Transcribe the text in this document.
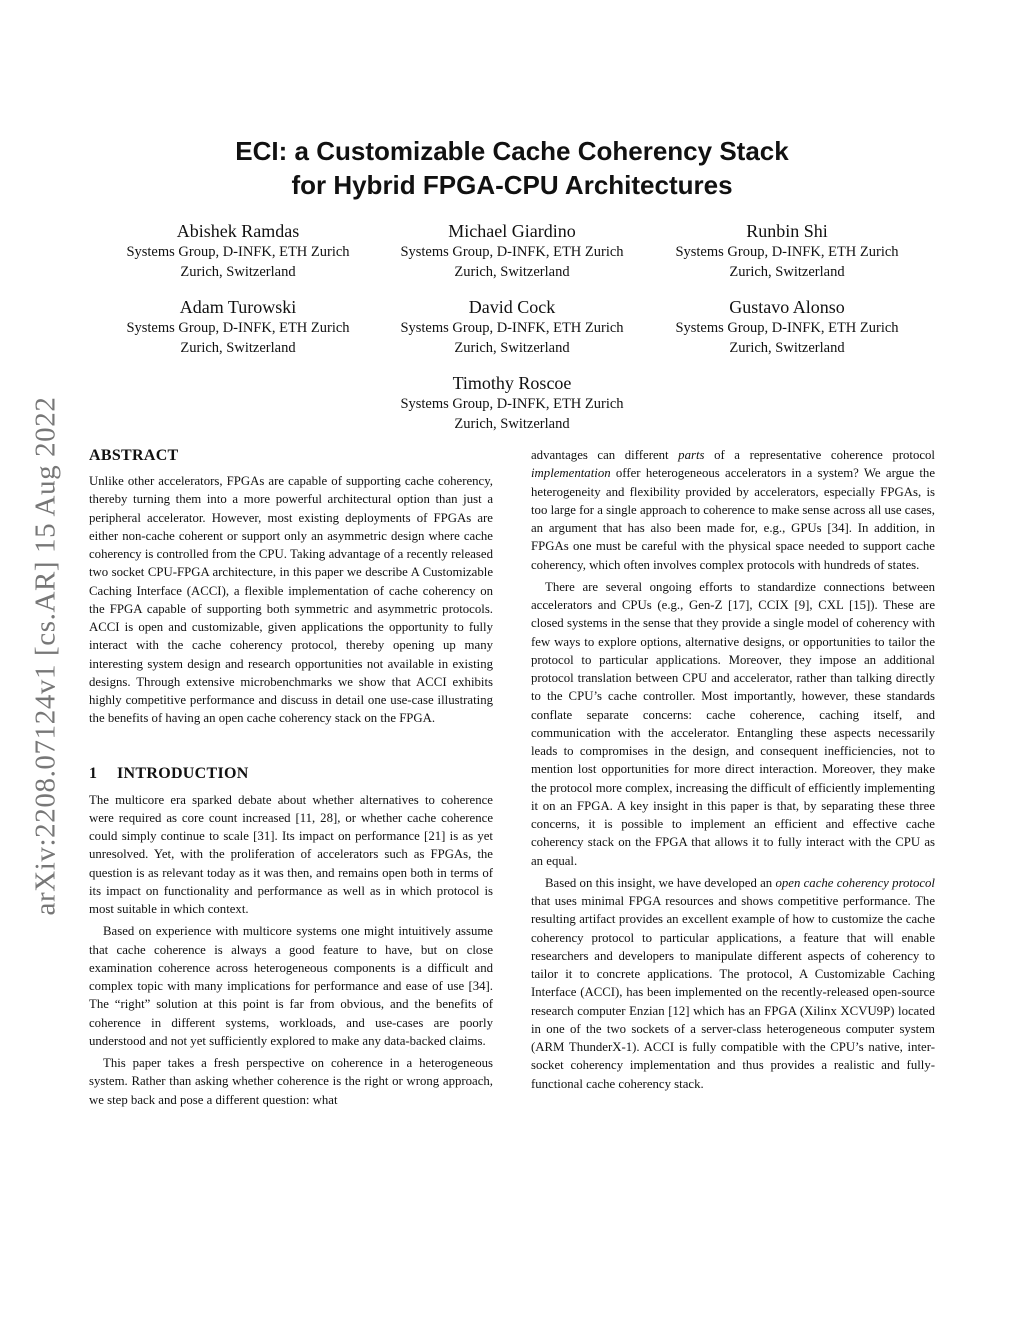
arXiv:2208.07124v1 [cs.AR] 15 Aug 2022
ECI: a Customizable Cache Coherency Stack
for Hybrid FPGA-CPU Architectures
Abishek Ramdas
Systems Group, D-INFK, ETH Zurich
Zurich, Switzerland
Michael Giardino
Systems Group, D-INFK, ETH Zurich
Zurich, Switzerland
Runbin Shi
Systems Group, D-INFK, ETH Zurich
Zurich, Switzerland
Adam Turowski
Systems Group, D-INFK, ETH Zurich
Zurich, Switzerland
David Cock
Systems Group, D-INFK, ETH Zurich
Zurich, Switzerland
Gustavo Alonso
Systems Group, D-INFK, ETH Zurich
Zurich, Switzerland
Timothy Roscoe
Systems Group, D-INFK, ETH Zurich
Zurich, Switzerland
ABSTRACT

Unlike other accelerators, FPGAs are capable of supporting cache coherency, thereby turning them into a more powerful architectural option than just a peripheral accelerator. However, most existing deployments of FPGAs are either non-cache coherent or support only an asymmetric design where cache coherency is controlled from the CPU. Taking advantage of a recently released two socket CPU-FPGA architecture, in this paper we describe A Customizable Caching Interface (ACCI), a flexible implementation of cache coherency on the FPGA capable of supporting both symmetric and asymmetric protocols. ACCI is open and customizable, given applications the opportunity to fully interact with the cache coherency protocol, thereby opening up many interesting system design and research opportunities not available in existing designs. Through extensive microbenchmarks we show that ACCI exhibits highly competitive performance and discuss in detail one use-case illustrating the benefits of having an open cache coherency stack on the FPGA.

1 INTRODUCTION

The multicore era sparked debate about whether alternatives to coherence were required as core count increased [11, 28], or whether cache coherence could simply continue to scale [31]. Its impact on performance [21] is as yet unresolved. Yet, with the proliferation of accelerators such as FPGAs, the question is as relevant today as it was then, and remains open both in terms of its impact on functionality and performance as well as in which protocol is most suitable in which context.

Based on experience with multicore systems one might intuitively assume that cache coherence is always a good feature to have, but on close examination coherence across heterogeneous components is a difficult and complex topic with many implications for performance and ease of use [34]. The “right” solution at this point is far from obvious, and the benefits of coherence in different systems, workloads, and use-cases are poorly understood and not yet sufficiently explored to make any data-backed claims.

This paper takes a fresh perspective on coherence in a heterogeneous system. Rather than asking whether coherence is the right or wrong approach, we step back and pose a different question: what

advantages can different parts of a representative coherence protocol implementation offer heterogeneous accelerators in a system? We argue the heterogeneity and flexibility provided by accelerators, especially FPGAs, is too large for a single approach to coherence to make sense across all use cases, an argument that has also been made for, e.g., GPUs [34]. In addition, in FPGAs one must be careful with the physical space needed to support cache coherency, which often involves complex protocols with hundreds of states.

There are several ongoing efforts to standardize connections between accelerators and CPUs (e.g., Gen-Z [17], CCIX [9], CXL [15]). These are closed systems in the sense that they provide a single model of coherency with few ways to explore options, alternative designs, or opportunities to tailor the protocol to particular applications. Moreover, they impose an additional protocol translation between CPU and accelerator, rather than talking directly to the CPU’s cache controller. Most importantly, however, these standards conflate separate concerns: cache coherence, caching itself, and communication with the accelerator. Entangling these aspects necessarily leads to compromises in the design, and consequent inefficiencies, not to mention lost opportunities for more direct interaction. Moreover, they make the protocol more complex, increasing the difficult of efficiently implementing it on an FPGA. A key insight in this paper is that, by separating these three concerns, it is possible to implement an efficient and effective cache coherency stack on the FPGA that allows it to fully interact with the CPU as an equal.

Based on this insight, we have developed an open cache coherency protocol that uses minimal FPGA resources and shows competitive performance. The resulting artifact provides an excellent example of how to customize the cache coherency protocol to particular applications, a feature that will enable researchers and developers to manipulate different aspects of coherency to tailor it to concrete applications. The protocol, A Customizable Caching Interface (ACCI), has been implemented on the recently-released open-source research computer Enzian [12] which has an FPGA (Xilinx XCVU9P) located in one of the two sockets of a server-class heterogeneous computer system (ARM ThunderX-1). ACCI is fully compatible with the CPU’s native, inter-socket coherency implementation and thus provides a realistic and fully-functional cache coherency stack.
